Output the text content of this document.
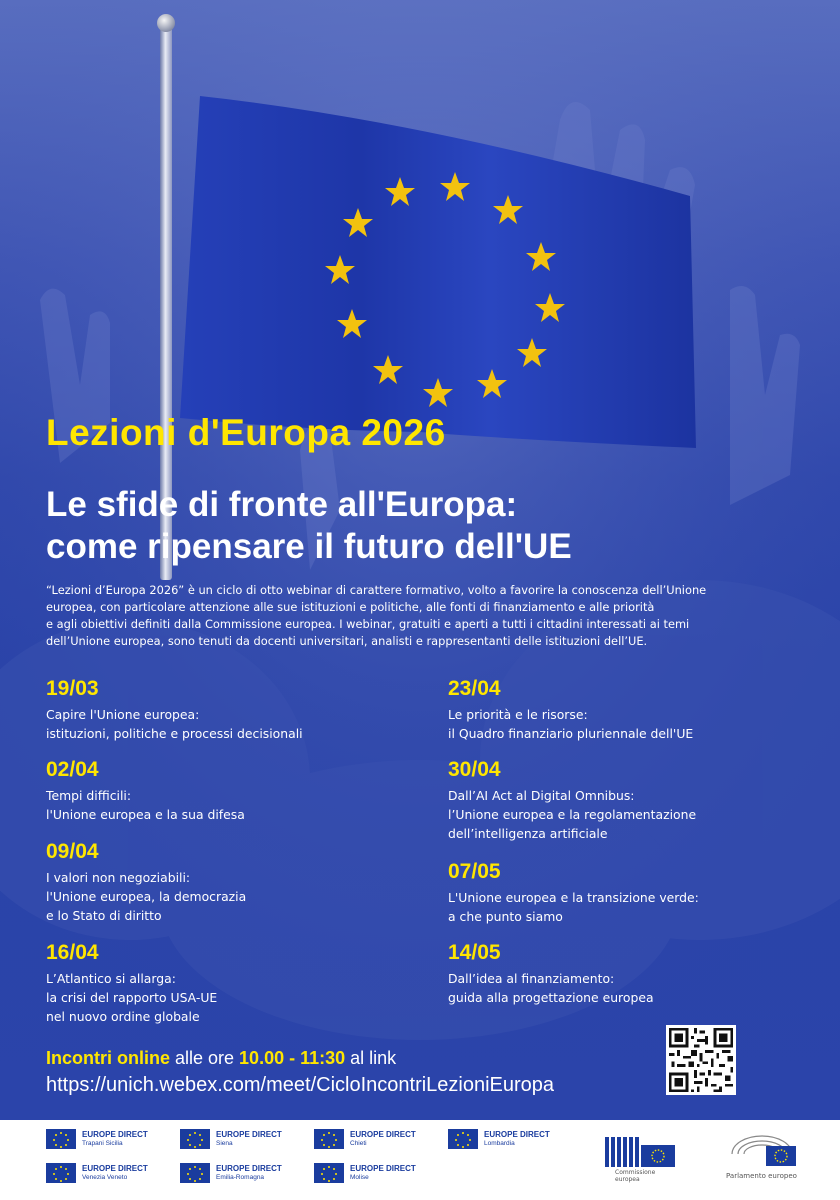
Lezioni d'Europa 2026
Le sfide di fronte all'Europa:
come ripensare il futuro dell'UE
“Lezioni d’Europa 2026” è un ciclo di otto webinar di carattere formativo, volto a favorire la conoscenza dell’Unione
europea, con particolare attenzione alle sue istituzioni e politiche, alle fonti di finanziamento e alle priorità
e agli obiettivi definiti dalla Commissione europea. I webinar, gratuiti e aperti a tutti i cittadini interessati ai temi
dell’Unione europea, sono tenuti da docenti universitari, analisti e rappresentanti delle istituzioni dell’UE.
19/03
Capire l'Unione europea:
istituzioni, politiche e processi decisionali
02/04
Tempi difficili:
l'Unione europea e la sua difesa
09/04
I valori non negoziabili:
l'Unione europea, la democrazia
e lo Stato di diritto
16/04
L’Atlantico si allarga:
la crisi del rapporto USA-UE
nel nuovo ordine globale
23/04
Le priorità e le risorse:
il Quadro finanziario pluriennale dell'UE
30/04
Dall’AI Act al Digital Omnibus:
l’Unione europea e la regolamentazione
dell’intelligenza artificiale
07/05
L'Unione europea e la transizione verde:
a che punto siamo
14/05
Dall’idea al finanziamento:
guida alla progettazione europea
Incontri online alle ore 10.00 - 11:30 al link
https://unich.webex.com/meet/CicloIncontriLezioniEuropa
EUROPE DIRECT
Trapani Sicilia
EUROPE DIRECT
Siena
EUROPE DIRECT
Chieti
EUROPE DIRECT
Lombardia
EUROPE DIRECT
Venezia Veneto
EUROPE DIRECT
Emilia-Romagna
EUROPE DIRECT
Molise
Commissione
europea	Parlamento europeo
